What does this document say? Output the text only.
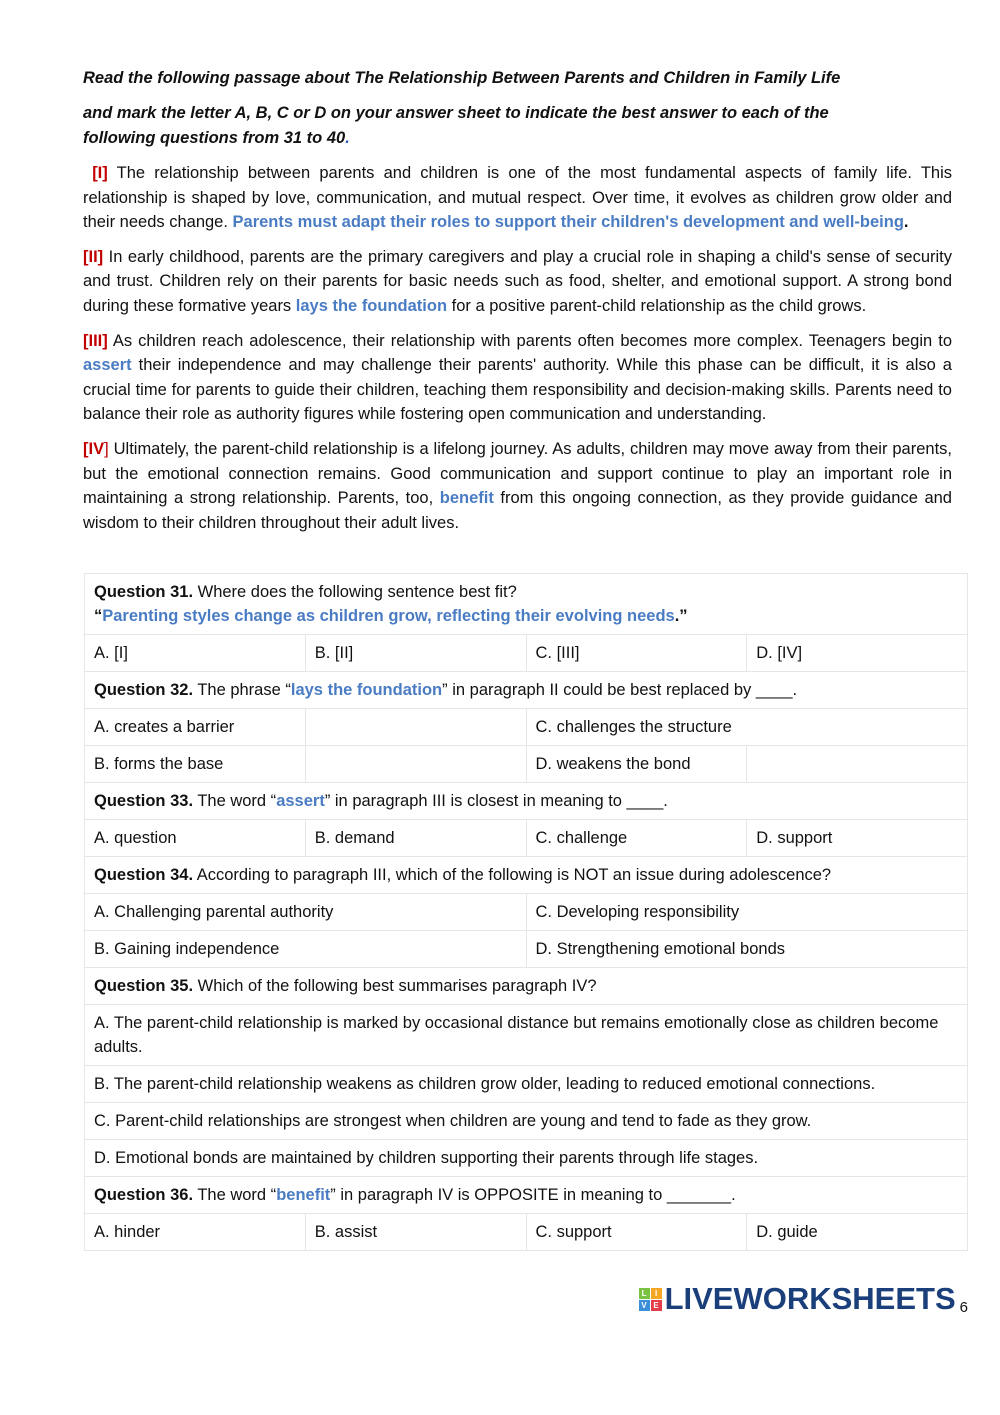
Read the following passage about The Relationship Between Parents and Children in Family Life

and mark the letter A, B, C or D on your answer sheet to indicate the best answer to each of the following questions from 31 to 40.

[I] The relationship between parents and children is one of the most fundamental aspects of family life. This relationship is shaped by love, communication, and mutual respect. Over time, it evolves as children grow older and their needs change. Parents must adapt their roles to support their children's development and well-being.

[II] In early childhood, parents are the primary caregivers and play a crucial role in shaping a child's sense of security and trust. Children rely on their parents for basic needs such as food, shelter, and emotional support. A strong bond during these formative years lays the foundation for a positive parent-child relationship as the child grows.

[III] As children reach adolescence, their relationship with parents often becomes more complex. Teenagers begin to assert their independence and may challenge their parents' authority. While this phase can be difficult, it is also a crucial time for parents to guide their children, teaching them responsibility and decision-making skills. Parents need to balance their role as authority figures while fostering open communication and understanding.

[IV] Ultimately, the parent-child relationship is a lifelong journey. As adults, children may move away from their parents, but the emotional connection remains. Good communication and support continue to play an important role in maintaining a strong relationship. Parents, too, benefit from this ongoing connection, as they provide guidance and wisdom to their children throughout their adult lives.

Question 31. Where does the following sentence best fit?
“Parenting styles change as children grow, reflecting their evolving needs.”			
A. [I]	B. [II]	C. [III]	D. [IV]
Question 32. The phrase “lays the foundation” in paragraph II could be best replaced by ____.			
A. creates a barrier		C. challenges the structure	
B. forms the base		D. weakens the bond	
Question 33. The word “assert” in paragraph III is closest in meaning to ____.			
A. question	B. demand	C. challenge	D. support
Question 34. According to paragraph III, which of the following is NOT an issue during adolescence?			
A. Challenging parental authority		C. Developing responsibility	
B. Gaining independence		D. Strengthening emotional bonds	
Question 35. Which of the following best summarises paragraph IV?			
A. The parent-child relationship is marked by occasional distance but remains emotionally close as children become adults.			
B. The parent-child relationship weakens as children grow older, leading to reduced emotional connections.			
C. Parent-child relationships are strongest when children are young and tend to fade as they grow.			
D. Emotional bonds are maintained by children supporting their parents through life stages.			
Question 36. The word “benefit” in paragraph IV is OPPOSITE in meaning to _______.			
A. hinder	B. assist	C. support	D. guide
L	I
V E LIVEWORKSHEETS 6
